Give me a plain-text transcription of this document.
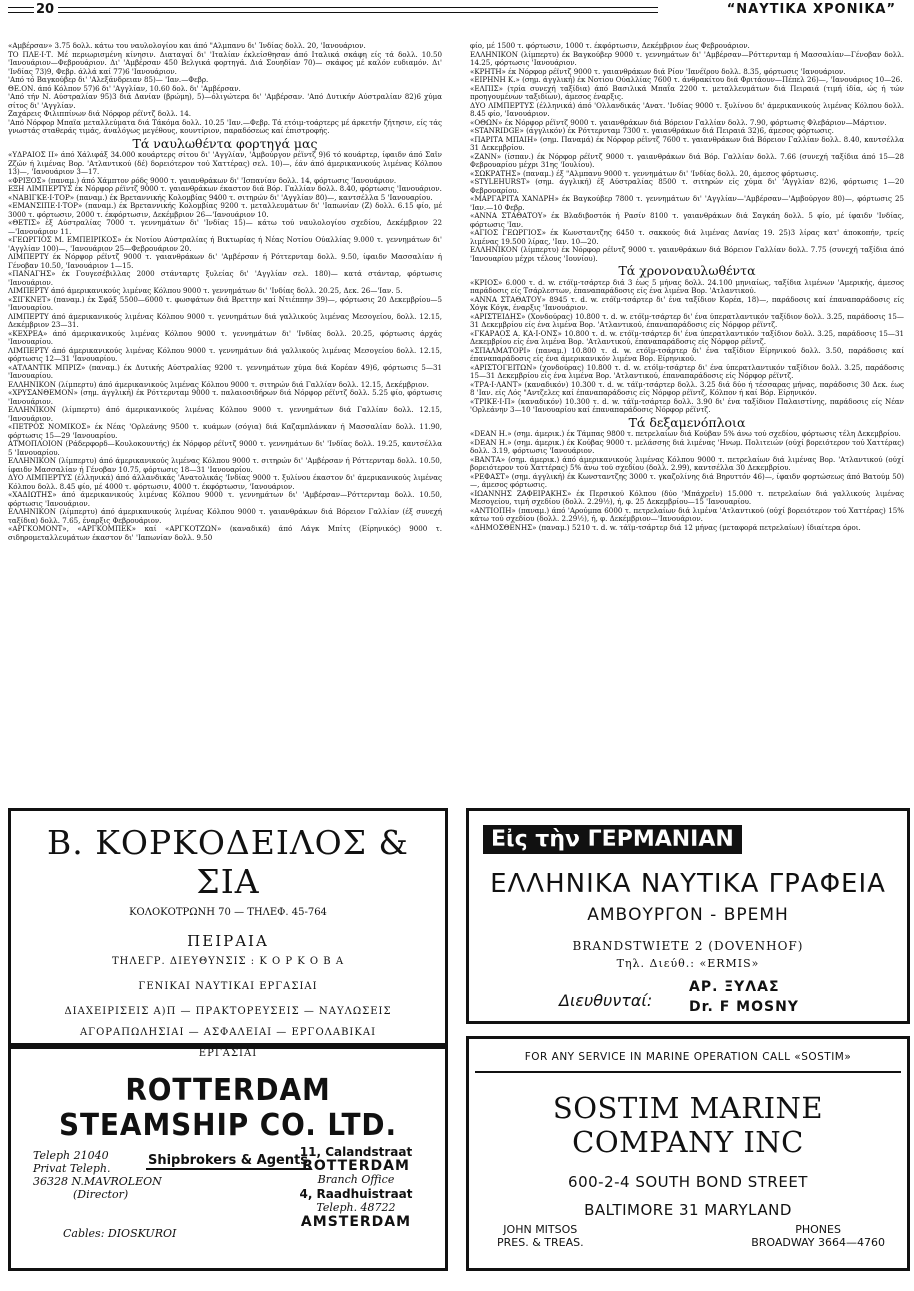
20	“ΝΑΥΤΙΚΑ ΧΡΟΝΙΚΑ”

«Αμβέρσαν» 3.75 δολλ. κάτω του ναυλολογίου και άπό "Αλμπανυ δι' Ίνδίας δολλ. 20, 'Ιανουάριον.

ΤΟ ΠΛΕ·Ι·Τ. Μέ περιωρισμένη κίνησιν. Διαταγαί δι' 'Ιταλίαν έκλείσθησαν άπό Ιταλικά σκάφη είς τά δολλ. 10.50 'Ιανουάριον—Φεβρουάριον. Δι' 'Αμβέρσαν 450 Βελγικά φορτηγά. Διά Σουηδίαν 70)— σκάφος μέ καλόν ευδιαμόν. Δι' 'Ινδίας 73)9, Φεβρ. άλλά καί 77)6 'Ιανουάριον.

'Από τό Βαγκούβερ δι' 'Αλεξάνδρειαν 85)— 'Ιαν.—Φεβρ.

ΘΕ.ΟΝ. άπό Κόλπον 57)6 δι' 'Αγγλίαν, 10.60 δολ. δι' 'Αμβέρσαν.

'Από τήν Ν. Αύστραλίαν 95)3 διά Δανίαν (βρώμη), 5)—όλιγώτερα δι' 'Αμβέρσαν. 'Από Δυτικήν Αύστραλίαν 82)6 χύμα σίτος δι' 'Αγγλίαν.

Ζαχάρεις Φιλιππίνων διά Νόρφορ ρέϊντζ δολλ. 14.

'Από Νόρφορ Μπαϊα μεταλλεύματα διά Τάκόμα δολλ. 10.25 'Ιαν.—Φεβρ. Τά ετόιμ-τοάρτερς μέ άρκετήν ζήτησιν, είς τάς γνωστάς σταθεράς τιμάς, άναλόγως μεγέθους, κουντίριον, παραδόσεως καί έπιστροφής.

Τά ναυλωθέντα φορτηγά μας

«ΥΔΡΑΙΟΣ ΙΙ» άπό Χάλιφάξ 34.000 κουάρτερς σίτου δι' 'Αγγλίαν, 'Αμβούργον ρέϊντζ 9)6 τό κουάρτερ, ίφαιδν άπό Σαϊν Ζζών ή λιμένας Βορ. 'Ατλαντικού (δέ) δορειότερον τού Χαττέρας) σελ. 10)—, έάν άπό άμερικανικούς λιμένας Κόλπου 13)—, 'Ιανουάριον 3—17.

«ΦΡΙΞΟΣ» (παναμ.) άπό Χάμπτον ρόδς 9000 τ. γαιανθράκων δι' 'Ισπανίαν δολλ. 14, φόρτωσις 'Ιανουάριον.

ΕΞΗ ΛΙΜΠΕΡΤΥΣ έκ Νόρφορ ρέϊντζ 9000 τ. γαιανθράκων έκαστον διά Βόρ. Γαλλίαν δολλ. 8.40, φόρτωσις 'Ιανουάριον.

«ΝΑΒΙΓΚΕ·Ι·ΤΟΡ» (παναμ.) έκ Βρεταννικής Κολομβίας 9400 τ. σιτηρών δι' 'Αγγλίαν 80)—, καντσέλλα 5 'Ιανουαρίου.

«ΕΜΑΝΣΙΠΕ·Ι·ΤΟΡ» (παναμ.) έκ Βρεταννικής Κολομβίας 9200 τ. μεταλλευμάτων δι' 'Ιαπωνίαν (Ζ) δολλ. 6.15 φίο, μέ 3000 τ. φόρτωσιν, 2000 τ. έκφόρτωσιν, Δεκέμβριον 26—'Ιανουάριον 10.

«ΘΕΤΙΣ» έξ Αύστραλίας 7000 τ. γεννημάτων δι' 'Ινδίας 15)— κάτω τού ναυλολογίου σχεδίου, Δεκέμβριον 22—'Ιανουάριον 11.

«ΓΕΩΡΓΙΟΣ Μ. ΕΜΠΕΙΡΙΚΟΣ» έκ Νοτίου Αύστραλίας ή Βικτωρίας ή Νέας Νοτίου Ούαλλίας 9.000 τ. γεννημάτων δι' 'Αγγλίαν 100)—, 'Ιανουάριον 25—Φεβρουάριον 20.

ΛΙΜΠΕΡΤΥ έκ Νόρφορ ρέϊντζ 9000 τ. γαιανθράκων δι' 'Αμβέρσαν ή Ρόττερνταμ δολλ. 9.50, ίφαιδν Μασσαλίαν ή Γένοβαν 10.50, 'Ιανουάριον 1—15.

«ΠΑΝΑΓΗΣ» έκ Γουγεσέβιλλας 2000 στάνταρτς ξυλείας δι' 'Αγγλίαν σελ. 180)— κατά στάνταρ, φόρτωσις 'Ιανουάριον.

ΛΙΜΠΕΡΤΥ άπό άμερικανικούς λιμένας Κόλπου 9000 τ. γεννημάτων δι' 'Ινδίας δολλ. 20.25, Δεκ. 26—'Ιαν. 5.

«ΣΙΓΚΝΕΤ» (παναμ.) έκ Σφάξ 5500—6000 τ. φωσφάτων διά Βρεττην καί Ντιέππην 39)—, φόρτωσις 20 Δεκεμβρίου—5 'Ιανουαρίου.

ΛΙΜΠΕΡΤΥ άπό άμερικανικούς λιμένας Κόλπου 9000 τ. γεννημάτων διά γαλλικούς λιμένας Μεσογείου, δολλ. 12.15, Δεκέμβριον 23—31.

«ΚΕΧΡΕΑ» άπό άμερικανικούς λιμένας Κόλπου 9000 τ. γεννημάτων δι' 'Ινδίας δολλ. 20.25, φόρτωσις άρχάς 'Ιανουαρίου.

ΛΙΜΠΕΡΤΥ άπό άμερικανικούς λιμένας Κόλπου 9000 τ. γεννημάτων διά γαλλικούς λιμένας Μεσογείου δολλ. 12.15, φόρτωσις 12—31 'Ιανουαρίου.

«ΑΤΛΑΝΤΙΚ ΜΠΡΙΖ» (παναμ.) έκ Δυτικής Αύστραλίας 9200 τ. γεννημάτων χύμα διά Κορέαν 49)6, φόρτωσις 5—31 'Ιανουαρίου.

ΕΛΛΗΝΙΚΟΝ (λίμπερτυ) άπό άμερικανικούς λιμένας Κόλπου 9000 τ. σιτηρών διά Γαλλίαν δολλ. 12.15, Δεκέμβριον.

«ΧΡΥΣΑΝΘΕΜΟΝ» (σημ. άγγλική) έκ Ρόττερνταμ 9000 τ. παλαιοσιδήρων διά Νόρφορ ρέϊντζ δολλ. 5.25 φίο, φόρτωσις 'Ιανουάριον.

ΕΛΛΗΝΙΚΟΝ (λίμπερτυ) άπό άμερικανικούς λιμένας Κόλπου 9000 τ. γεννημάτων διά Γαλλίαν δολλ. 12.15, 'Ιανουάριον.

«ΠΕΤΡΟΣ ΝΟΜΙΚΟΣ» έκ Νέας 'Ορλεάνης 9500 τ. κυάμων (σόγια) διά Καζαμπλάνκαν ή Μασσαλίαν δολλ. 11.90, φόρτωσις 15—29 'Ιανουαρίου.

ΑΤΜΟΠΛΟΙΟΝ (Ράδερφορδ—Κουλοκουντής) έκ Νόρφορ ρέϊντζ 9000 τ. γεννημάτων δι' 'Ινδίας δολλ. 19.25, καντσέλλα 5 'Ιανουαρίου.

ΕΛΛΗΝΙΚΟΝ (λίμπερτυ) άπό άμερικανικούς λιμένας Κόλπου 9000 τ. σιτηρών δι' 'Αμβέρσαν ή Ρόττερνταμ δολλ. 10.50, ίφαιδν Μασσαλίαν ή Γένοβαν 10.75, φόρτωσις 18—31 'Ιανουαρίου.

ΔΥΟ ΛΙΜΠΕΡΤΥΣ (έλληνικά) άπό άλλανδικάς 'Ανατολικάς 'Ινδίας 9000 τ. ξυλίνου έκαστον δι' άμερικανικούς λιμένας Κόλπου δολλ. 8.45 φίο, μέ 4000 τ. φόρτωσιν, 4000 τ. έκφόρτωσιν, 'Ιανουάριον.

«ΧΑΔΙΩΤΗΣ» άπό άμερικανικούς λιμένας Κόλπου 9000 τ. γεννημάτων δι' 'Αμβέρσαν—Ρόττερνταμ δολλ. 10.50, φόρτωσις 'Ιανουάριον.

ΕΛΛΗΝΙΚΟΝ (λίμπερτυ) άπό άμερικανικούς λιμένας Κόλπου 9000 τ. γαιανθράκων διά Βόρειον Γαλλίαν (έξ συνεχή ταξίδια) δολλ. 7.65, έναρξις Φεβρουάριον.

«ΑΡΓΚΟΜΟΝΤ», «ΑΡΓΚΟΜΠΕΚ» καί «ΑΡΓΚΟΤΖΩΝ» (καναδικά) άπό Λάγκ Μπίτς (Είρηνικός) 9000 τ. σιδηρομεταλλευμάτων έκαστον δι' 'Ιαπωνίαν δολλ. 9.50

φίο, μέ 1500 τ. φόρτωσιν, 1000 τ. έκφόρτωσιν, Δεκέμβριον έως Φεβρουάριον.

ΕΛΛΗΝΙΚΟΝ (λίμπερτυ) έκ Βαγκούβερ 9000 τ. γεννημάτων δι' 'Αμβέρσαν—Ρόττερνταμ ή Μασσαλίαν—Γένοβαν δολλ. 14.25, φόρτωσις 'Ιανουάριον.

«ΚΡΗΤΗ» έκ Νόρφορ ρέϊντζ 9000 τ. γαιανθράκων διά Ρίον 'Ιανέϊρου δολλ. 8.35, φόρτωσις 'Ιανουάριον.

«ΕΙΡΗΝΗ Κ.» (σημ. άγγλική) έκ Νοτίου Ούαλλίας 7600 τ. άνθρακίτου διά Φριτάουν—Πέπελ 26)—, 'Ιανουάριος 10—26.

«ΕΛΠΙΣ» (τρία συνεχή ταξίδια) άπό Βασιλικά Μπαΐα 2200 τ. μεταλλευμάτων διά Πειραιά (τιμή ίδία, ώς ή τών προηγουμένων ταξιδίων), άμεσος έναρξις.

ΔΥΟ ΛΙΜΠΕΡΤΥΣ (έλληνικά) άπό 'Ολλανδικάς 'Ανατ. 'Ινδίας 9000 τ. ξυλίνου δι' άμερικανικούς λιμένας Κόλπου δολλ. 8.45 φίο, 'Ιανουάριον.

«ΟΘΩΝ» έκ Νόρφορ ρέϊντζ 9000 τ. γαιανθράκων διά Βόρειον Γαλλίαν δολλ. 7.90, φόρτωσις Φλεβάριον—Μάρτιον.

«STANRIDGE» (άγγλικόν) έκ Ρόττερνταμ 7300 τ. γαιανθράκων διά Πειραιά 32)6, άμεσος φόρτωσις.

«ΠΑΡΙΤΑ ΜΠΑΙΗ» (σημ. Παναμά) έκ Νόρφορ ρέϊντζ 7600 τ. γαιανθράκων διά Βόρειον Γαλλίαν δολλ. 8.40, καντσέλλα 31 Δεκεμβρίου.

«ΖΑΝΝ» (ίσπαν.) έκ Νόρφορ ρέϊντζ 9000 τ. γαιανθράκων διά Βόρ. Γαλλίαν δολλ. 7.66 (συνεχή ταξίδια άπό 15—28 Φεβρουαρίου μέχρι 31ης 'Ιουλίου).

«ΣΩΚΡΑΤΗΣ» (παναμ.) έξ "Αλμπανυ 9000 τ. γεννημάτων δι' 'Ινδίας δολλ. 20, άμεσος φόρτωσις.

«STYLEHURST» (σημ. άγγλική) έξ Αύστραλίας 8500 τ. σιτηρών είς χύμα δι' 'Αγγλίαν 82)6, φόρτωσις 1—20 Φεβρουαρίου.

«ΜΑΡΓΑΡΙΤΑ ΧΑΝΔΡΗ» έκ Βαγκούβερ 7800 τ. γεννημάτων δι' 'Αγγλίαν—'Αμβέρσαν—'Αμβούργον 80)—, φόρτωσις 25 'Ιαν.—10 Φεβρ.

«ΑΝΝΑ ΣΤΑΘΑΤΟΥ» έκ Βλαδιβοστόκ ή Ρασίν 8100 τ. γαιανθράκων διά Σαγκάη δολλ. 5 φίο, μέ ίφαιδν 'Ινδίας, φόρτωσις 'Ιαν.

«ΑΓΙΟΣ ΓΕΩΡΓΙΟΣ» έκ Κωνσταντζης 6450 τ. σακκούς διά λιμένας Δανίας 19. 25)3 λίρας κατ' άποκοπήν, τρείς λιμένας 19.500 λίρας, 'Ιαν. 10—20.

ΕΛΛΗΝΙΚΟΝ (λίμπερτυ) έκ Νόρφορ ρέϊντζ 9000 τ. γαιανθράκων διά Βόρειον Γαλλίαν δολλ. 7.75 (συνεχή ταξίδια άπό 'Ιανουαρίου μέχρι τέλους 'Ιουνίου).

Τά χρονοναυλωθέντα

«ΚΡΙΟΣ» 6.000 τ. d. w. ετόϊμ-τσάρτερ διά 3 έως 5 μήνας δολλ. 24.100 μηνιαίως, ταξίδια λιμένων 'Αμερικής, άμεσος παράδοσις είς Τσάρλεστων, έπαναπαράδοσις είς ένα λιμένα Βορ. 'Ατλαντικού.

«ΑΝΝΑ ΣΤΑΘΑΤΟΥ» 8945 τ. d. w. ετόϊμ-τσάρτερ δι' ένα ταξίδιον Κορέα, 18)—, παράδοσις καί έπαναπαράδοσις είς Χόγκ Κόγκ, έναρξις 'Ιανουάριον.

«ΑΡΙΣΤΕΙΔΗΣ» (Χονδούρας) 10.800 τ. d. w. ετόϊμ-τσάρτερ δι' ένα ύπερατλαντικόν ταξίδιον δολλ. 3.25, παράδοσις 15—31 Δεκεμβρίου είς ένα λιμένα Βορ. 'Ατλαντικού, έπαναπαράδοσις είς Νόρφορ ρέϊντζ.

«ΓΚΑΡΑΟΣ Α. ΚΑ·Ι·ΟΝΣ» 10.800 τ. d. w. ετόϊμ-τσάρτερ δι' ένα ύπερατλαντικόν ταξίδιον δολλ. 3.25, παράδοσις 15—31 Δεκεμβρίου είς ένα λιμένα Βορ. 'Ατλαντικού, έπαναπαράδοσις είς Νόρφορ ρέϊντζ.

«ΣΠΑΛΜΑΤΟΡΙ» (παναμ.) 10.800 τ. d. w. ετόϊμ-τσάρτερ δι' ένα ταξίδιον Είρηνικού δολλ. 3.50, παράδοσις καί έπαναπαράδοσις είς ένα άμερικανικόν λιμένα Βορ. Είρηνικού.

«ΑΡΙΣΤΟΓΕΙΤΩΝ» (χονδούρας) 10.800 τ. d. w. ετόϊμ-τσάρτερ δι' ένα ύπερατλαντικόν ταξίδιον δολλ. 3.25, παράδοσις 15—31 Δεκεμβρίου είς ένα λιμένα Βορ. 'Ατλαντικού, έπαναπαράδοσις είς Νόρφορ ρέϊντζ.

«ΤΡΑ·Ι·ΛΑΝΤ» (καναδικόν) 10.300 τ. d. w. τάϊμ-τσάρτερ δολλ. 3.25 διά δύο ή τέσσαρας μήνας, παράδοσις 30 Δεκ. έως 8 'Ιαν. είς Λός "Αντζελες καί έπαναπαράδοσις είς Νόρφορ ρέϊντζ, Κόλπον ή καί Βόρ. Είρηνικόν.

«ΤΡΙΚΕ·Ι·Π» (καναδικόν) 10.300 τ. d. w. τάϊμ-τσάρτερ δολλ. 3.90 δι' ένα ταξίδιον Παλαιστίνης, παράδοσις είς Νέαν 'Ορλεάνην 3—10 'Ιανουαρίου καί έπαναπαράδοσις Νόρφορ ρέϊντζ.

Τά δεξαμενόπλοια

«DEAN H.» (σημ. άμερικ.) έκ Τάμπας 9800 τ. πετρελαίων διά Κούβαν 5% άνω τού σχεδίου, φόρτωσις τέλη Δεκεμβρίου.

«DEAN H.» (σημ. άμερικ.) έκ Κούβας 9000 τ. μελάσσης διά λιμένας 'Ηνωμ. Πολιτειών (ούχί βορειότερον τού Χαττέρας) δολλ. 3.19, φόρτωσις 'Ιανουάριον.

«ΒΑΝΤΑ» (σημ. άμερικ.) άπό άμερικανικούς λιμένας Κόλπου 9000 τ. πετρελαίων διά λιμένας Βορ. 'Ατλαντικού (ούχί βορειότερον τού Χαττέρας) 5% άνω τού σχεδίου (δολλ. 2.99), καντσέλλα 30 Δεκεμβρίου.

«ΡΕΦΑΣΤ» (σημ. άγγλική) έκ Κωνσταντζης 3000 τ. γκαζολίνης διά Βηρυττόν 46)—, ίφαιδν φορτώσεως άπό Βατούμ 50)—, άμεσος φόρτωσις.

«ΙΩΑΝΝΗΣ ΖΑΦΕΙΡΑΚΗΣ» έκ Περσικού Κόλπου (δύο 'Μπάχρεϊν) 15.000 τ. πετρελαίων διά γαλλικούς λιμένας Μεσογείου, τιμή σχεδίου (δολλ. 2.29½), ή, φ. 25 Δεκεμβρίου—15 'Ιανουαρίου.

«ΑΝΤΙΟΠΗ» (παναμ.) άπό 'Αρούμπα 6000 τ. πετρελαίων διά λιμένα 'Ατλαντικού (ούχί βορειότερον τού Χαττέρας) 15% κάτω τού σχεδίου (δολλ. 2.29½), ή, φ. Δεκέμβριον—'Ιανουάριον.

«ΔΗΜΟΣΘΕΝΗΣ» (παναμ.) 5210 τ. d. w. τάϊμ-τσάρτερ διά 12 μήνας (μεταφορά πετρελαίων) ίδιαίτερα όροι.

Β. ΚΟΡΚΟΔΕΙΛΟΣ & ΣΙΑ
ΚΟΛΟΚΟΤΡΩΝΗ 70 — ΤΗΛΕΦ. 45-764
ΠΕΙΡΑΙΑ
ΤΗΛΕΓΡ. ΔΙΕΥΘΥΝΣΙΣ : Κ Ο Ρ Κ Ο Β Α
ΓΕΝΙΚΑΙ ΝΑΥΤΙΚΑΙ ΕΡΓΑΣΙΑΙ
ΔΙΑΧΕΙΡΙΣΕΙΣ Α)Π — ΠΡΑΚΤΟΡΕΥΣΕΙΣ — ΝΑΥΛΩΣΕΙΣ
ΑΓΟΡΑΠΩΛΗΣΙΑΙ — ΑΣΦΑΛΕΙΑΙ — ΕΡΓΟΛΑΒΙΚΑΙ
ΕΡΓΑΣΙΑΙ
Εἰς τὴν ΓΕΡΜΑΝΙΑΝ
ΕΛΛΗΝΙΚΑ ΝΑΥΤΙΚΑ ΓΡΑΦΕΙΑ
ΑΜΒΟΥΡΓΟΝ - ΒΡΕΜΗ
BRANDSTWIETE 2 (DOVENHOF)
Τηλ. Διεύθ.: «ERMIS»
Διευθυνταί:
ΑΡ. ΞΥΛΑΣ
Dr. F MOSNY
ROTTERDAM STEAMSHIP CO. LTD.
Shipbrokers & Agents
Teleph 21040
Privat Teleph.
36328 N.MAVROLEON
(Director)
Cables: DIOSKUROI
11, Calandstraat
ROTTERDAM
Branch Office
4, Raadhuistraat
Teleph. 48722
AMSTERDAM
FOR ANY SERVICE IN MARINE OPERATION CALL «SOSTIM»
SOSTIM MARINE COMPANY INC
600-2-4 SOUTH BOND STREET
BALTIMORE 31 MARYLAND
JOHN MITSOS
PRES. & TREAS.
PHONES
BROADWAY 3664—4760
